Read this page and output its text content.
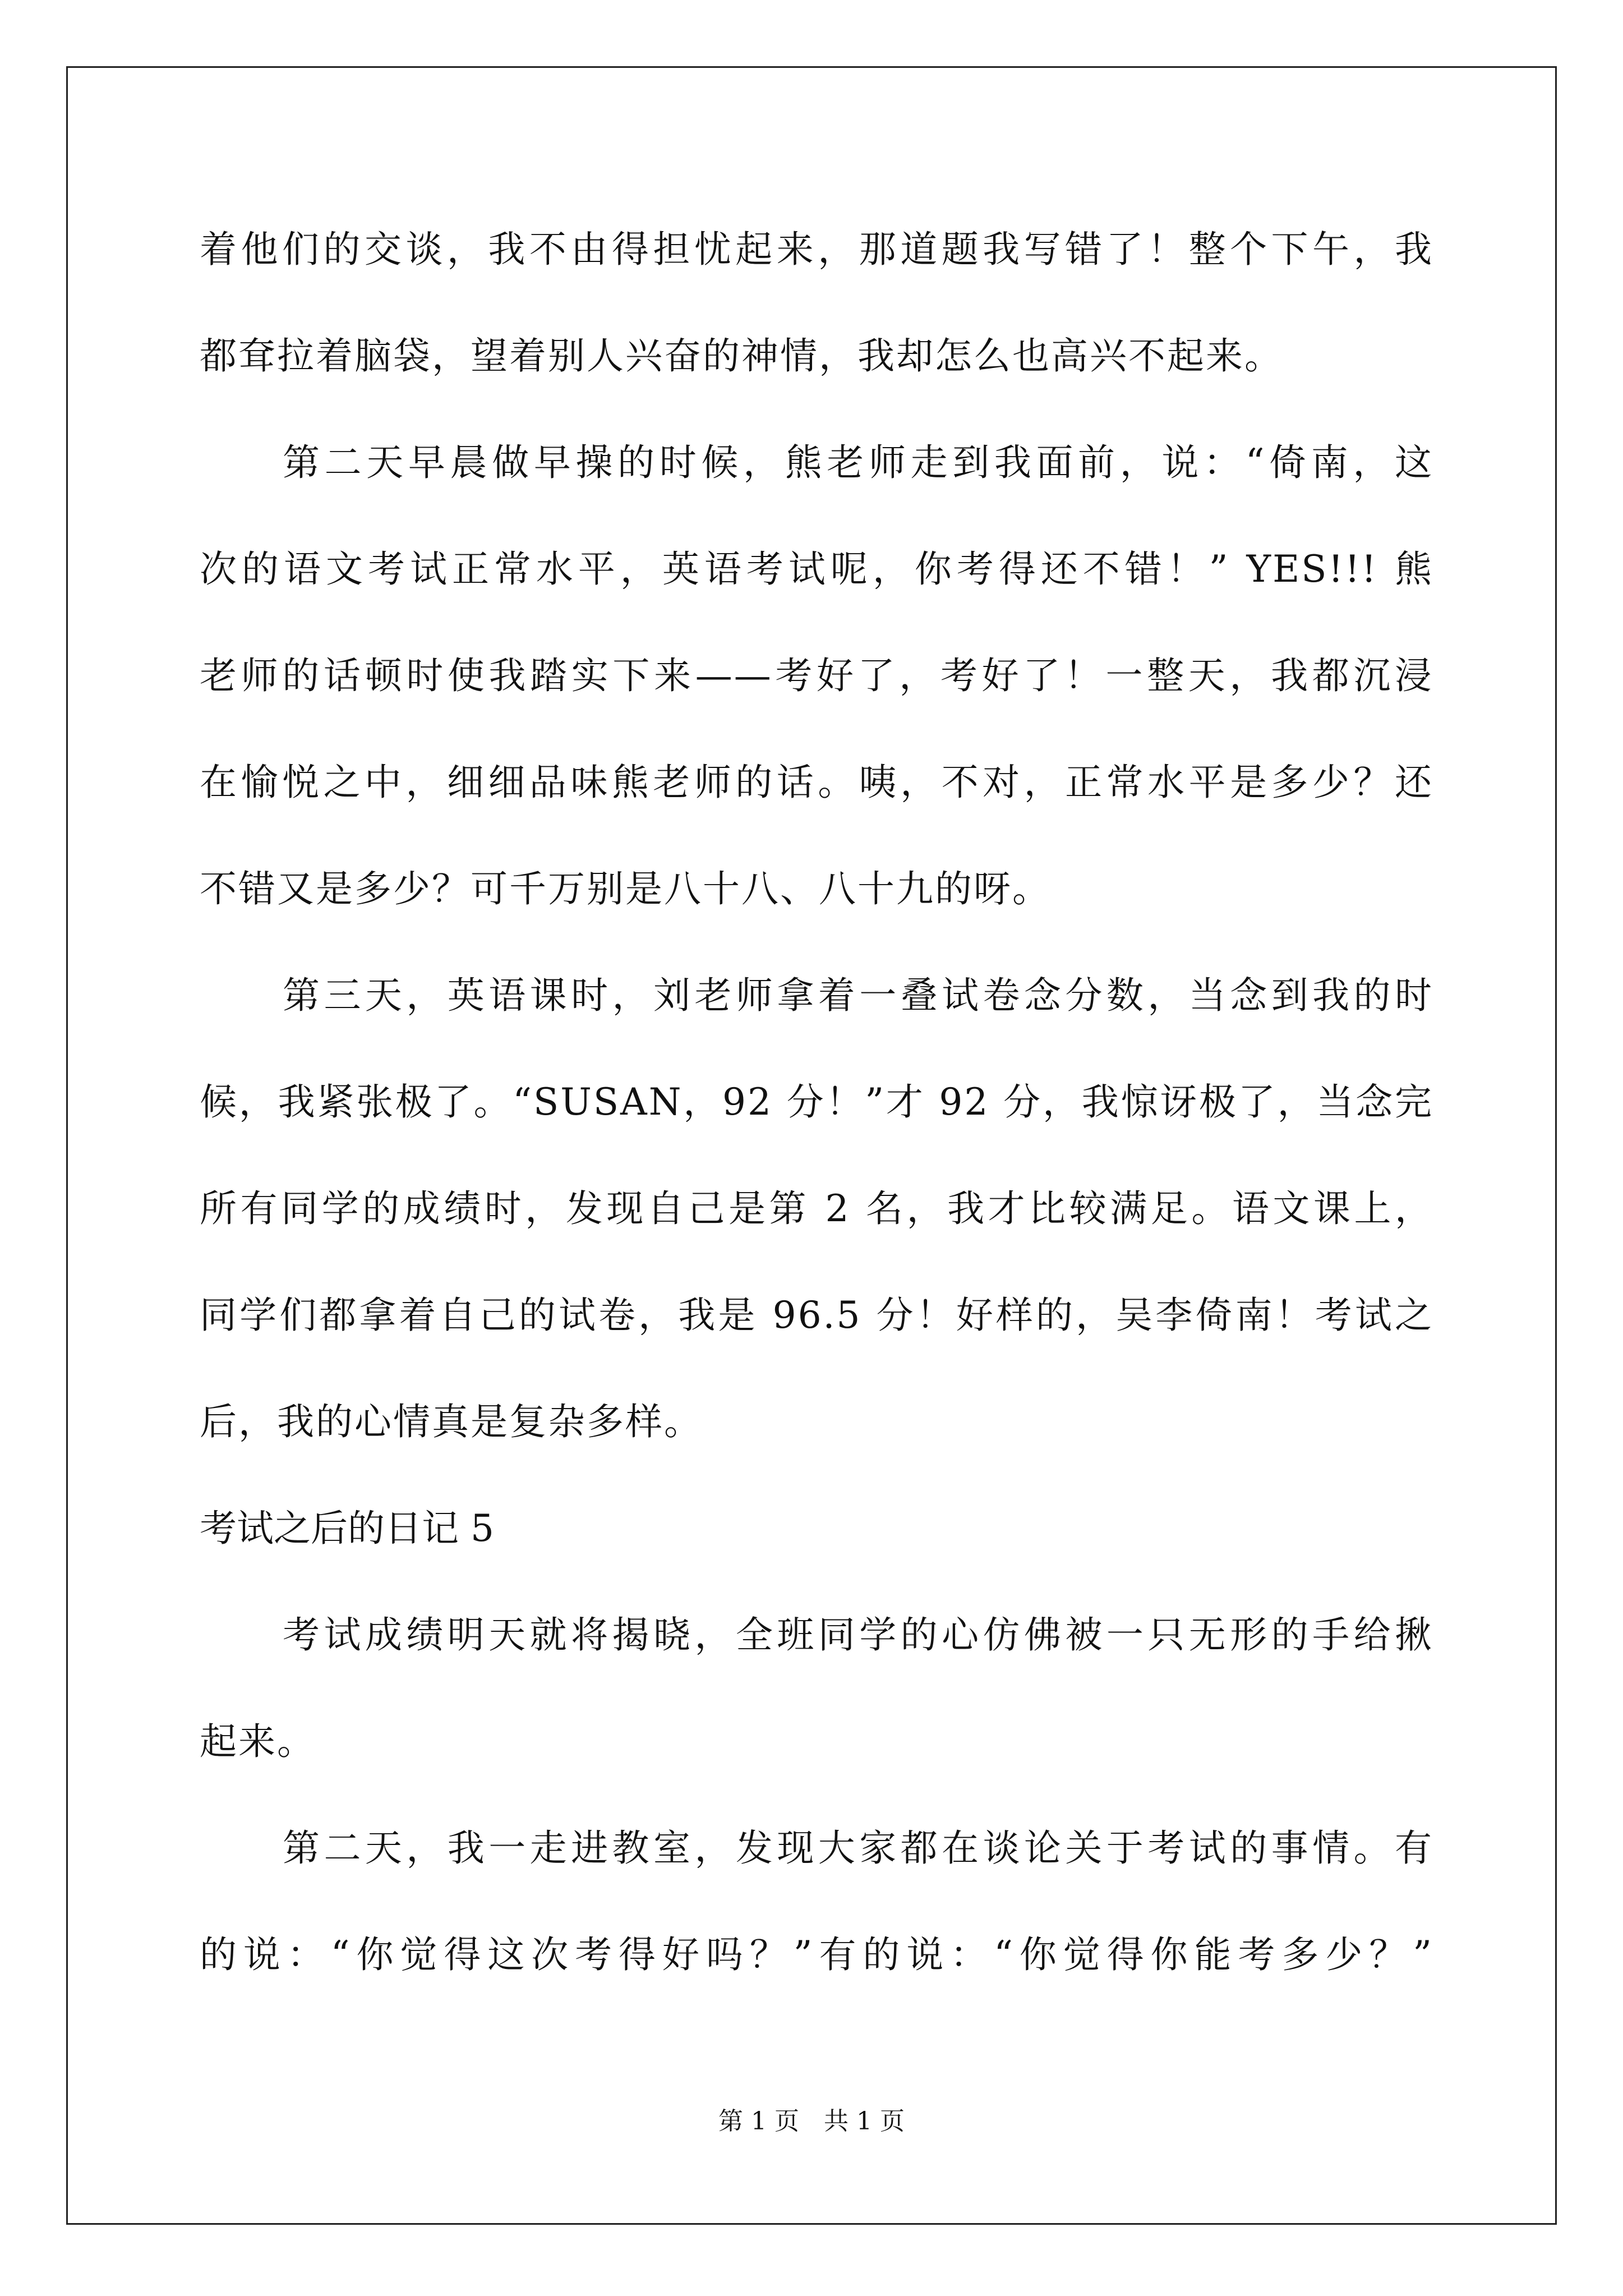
着他们的交谈，我不由得担忧起来，那道题我写错了！整个下午，我
都耷拉着脑袋，望着别人兴奋的神情，我却怎么也高兴不起来。
第二天早晨做早操的时候，熊老师走到我面前，说：“倚南，这
次的语文考试正常水平，英语考试呢，你考得还不错！” YES!!! 熊
老师的话顿时使我踏实下来——考好了，考好了！一整天，我都沉浸
在愉悦之中，细细品味熊老师的话。咦，不对，正常水平是多少？还
不错又是多少？可千万别是八十八、八十九的呀。
第三天，英语课时，刘老师拿着一叠试卷念分数，当念到我的时
候，我紧张极了。“SUSAN，92 分！”才 92 分，我惊讶极了，当念完
所有同学的成绩时，发现自己是第 2 名，我才比较满足。语文课上，
同学们都拿着自己的试卷，我是 96.5 分！好样的，吴李倚南！考试之
后，我的心情真是复杂多样。
考试之后的日记 5
考试成绩明天就将揭晓，全班同学的心仿佛被一只无形的手给揪
起来。
第二天，我一走进教室，发现大家都在谈论关于考试的事情。有
的说：“你觉得这次考得好吗？”有的说：“你觉得你能考多少？”
第 1 页　共 1 页
